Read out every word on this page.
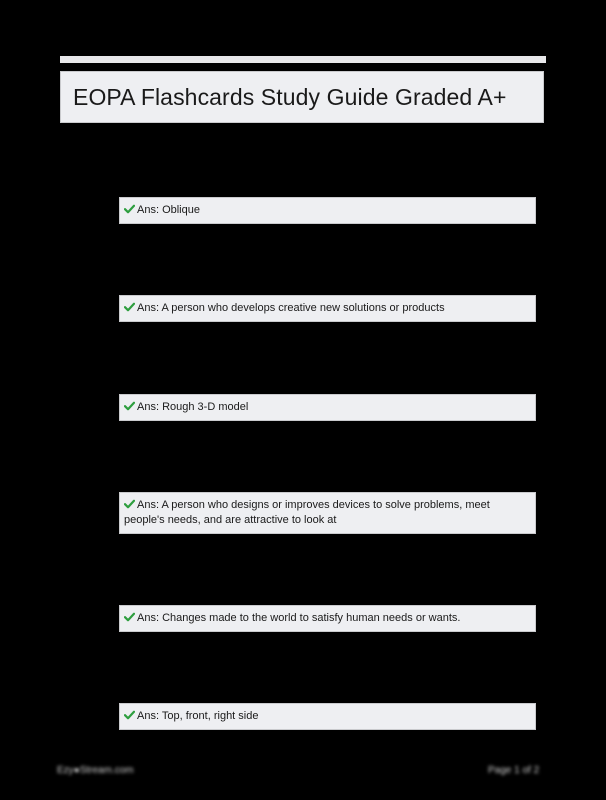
EOPA Flashcards Study Guide Graded A+
Ans: Oblique
Ans: A person who develops creative new solutions or products
Ans: Rough 3-D model
Ans: A person who designs or improves devices to solve problems, meet people's needs, and are attractive to look at
Ans: Changes made to the world to satisfy human needs or wants.
Ans: Top, front, right side
Ezy●Stream.com	Page 1 of 2
